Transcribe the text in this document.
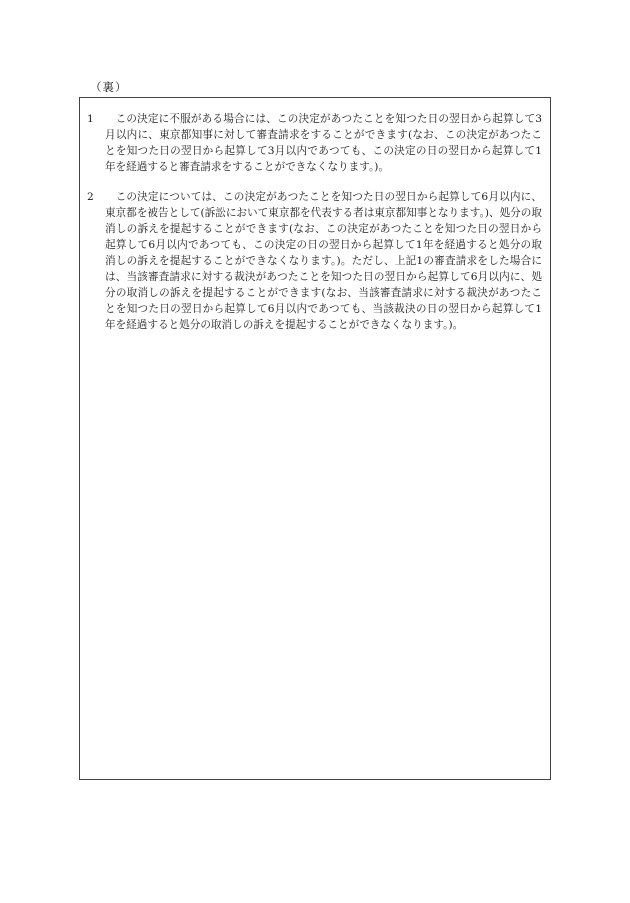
（裏）
1	この決定に不服がある場合には、この決定があつたことを知つた日の翌日から起算して3月以内に、東京都知事に対して審査請求をすることができます(なお、この決定があつたことを知つた日の翌日から起算して3月以内であつても、この決定の日の翌日から起算して1年を経過すると審査請求をすることができなくなります。)。
2	この決定については、この決定があつたことを知つた日の翌日から起算して6月以内に、東京都を被告として(訴訟において東京都を代表する者は東京都知事となります。)、処分の取消しの訴えを提起することができます(なお、この決定があつたことを知つた日の翌日から起算して6月以内であつても、この決定の日の翌日から起算して1年を経過すると処分の取消しの訴えを提起することができなくなります。)。ただし、上記1の審査請求をした場合には、当該審査請求に対する裁決があつたことを知つた日の翌日から起算して6月以内に、処分の取消しの訴えを提起することができます(なお、当該審査請求に対する裁決があつたことを知つた日の翌日から起算して6月以内であつても、当該裁決の日の翌日から起算して1年を経過すると処分の取消しの訴えを提起することができなくなります。)。
